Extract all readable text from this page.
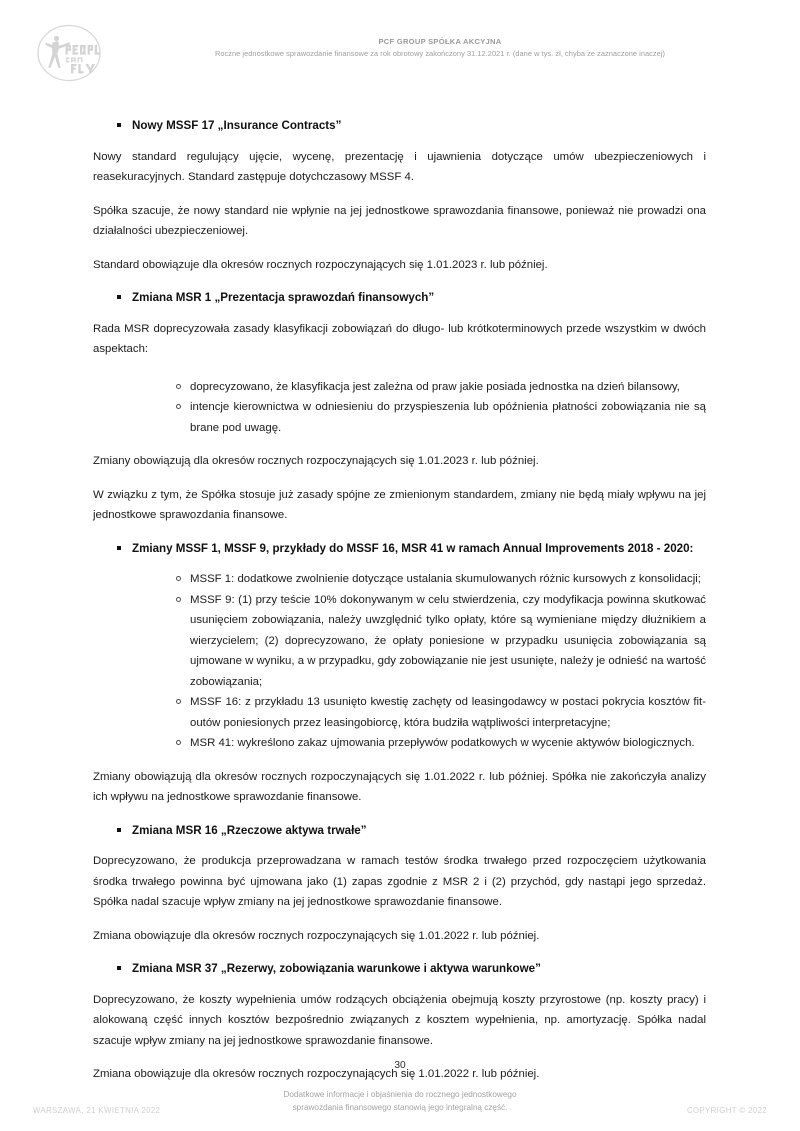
PCF GROUP SPÓŁKA AKCYJNA
Roczne jednostkowe sprawozdanie finansowe za rok obrotowy zakończony 31.12.2021 r. (dane w tys. zł, chyba że zaznaczone inaczej)
Nowy MSSF 17 „Insurance Contracts”

Nowy standard regulujący ujęcie, wycenę, prezentację i ujawnienia dotyczące umów ubezpieczeniowych i reasekuracyjnych. Standard zastępuje dotychczasowy MSSF 4.

Spółka szacuje, że nowy standard nie wpłynie na jej jednostkowe sprawozdania finansowe, ponieważ nie prowadzi ona działalności ubezpieczeniowej.

Standard obowiązuje dla okresów rocznych rozpoczynających się 1.01.2023 r. lub później.

Zmiana MSR 1 „Prezentacja sprawozdań finansowych”

Rada MSR doprecyzowała zasady klasyfikacji zobowiązań do długo- lub krótkoterminowych przede wszystkim w dwóch aspektach:

doprecyzowano, że klasyfikacja jest zależna od praw jakie posiada jednostka na dzień bilansowy,
intencje kierownictwa w odniesieniu do przyspieszenia lub opóźnienia płatności zobowiązania nie są brane pod uwagę.

Zmiany obowiązują dla okresów rocznych rozpoczynających się 1.01.2023 r. lub później.

W związku z tym, że Spółka stosuje już zasady spójne ze zmienionym standardem, zmiany nie będą miały wpływu na jej jednostkowe sprawozdania finansowe.

Zmiany MSSF 1, MSSF 9, przykłady do MSSF 16, MSR 41 w ramach Annual Improvements 2018 - 2020:
MSSF 1: dodatkowe zwolnienie dotyczące ustalania skumulowanych różnic kursowych z konsolidacji;
MSSF 9: (1) przy teście 10% dokonywanym w celu stwierdzenia, czy modyfikacja powinna skutkować usunięciem zobowiązania, należy uwzględnić tylko opłaty, które są wymieniane między dłużnikiem a wierzycielem; (2) doprecyzowano, że opłaty poniesione w przypadku usunięcia zobowiązania są ujmowane w wyniku, a w przypadku, gdy zobowiązanie nie jest usunięte, należy je odnieść na wartość zobowiązania;
MSSF 16: z przykładu 13 usunięto kwestię zachęty od leasingodawcy w postaci pokrycia kosztów fit-outów poniesionych przez leasingobiorcę, która budziła wątpliwości interpretacyjne;
MSR 41: wykreślono zakaz ujmowania przepływów podatkowych w wycenie aktywów biologicznych.

Zmiany obowiązują dla okresów rocznych rozpoczynających się 1.01.2022 r. lub później. Spółka nie zakończyła analizy ich wpływu na jednostkowe sprawozdanie finansowe.

Zmiana MSR 16 „Rzeczowe aktywa trwałe”

Doprecyzowano, że produkcja przeprowadzana w ramach testów środka trwałego przed rozpoczęciem użytkowania środka trwałego powinna być ujmowana jako (1) zapas zgodnie z MSR 2 i (2) przychód, gdy nastąpi jego sprzedaż. Spółka nadal szacuje wpływ zmiany na jej jednostkowe sprawozdanie finansowe.

Zmiana obowiązuje dla okresów rocznych rozpoczynających się 1.01.2022 r. lub później.

Zmiana MSR 37 „Rezerwy, zobowiązania warunkowe i aktywa warunkowe”

Doprecyzowano, że koszty wypełnienia umów rodzących obciążenia obejmują koszty przyrostowe (np. koszty pracy) i alokowaną część innych kosztów bezpośrednio związanych z kosztem wypełnienia, np. amortyzację. Spółka nadal szacuje wpływ zmiany na jej jednostkowe sprawozdanie finansowe.

Zmiana obowiązuje dla okresów rocznych rozpoczynających się 1.01.2022 r. lub później.

30
Dodatkowe informacje i objaśnienia do rocznego jednostkowego
sprawozdania finansowego stanowią jego integralną część.
WARSZAWA, 21 KWIETNIA 2022	COPYRIGHT © 2022
